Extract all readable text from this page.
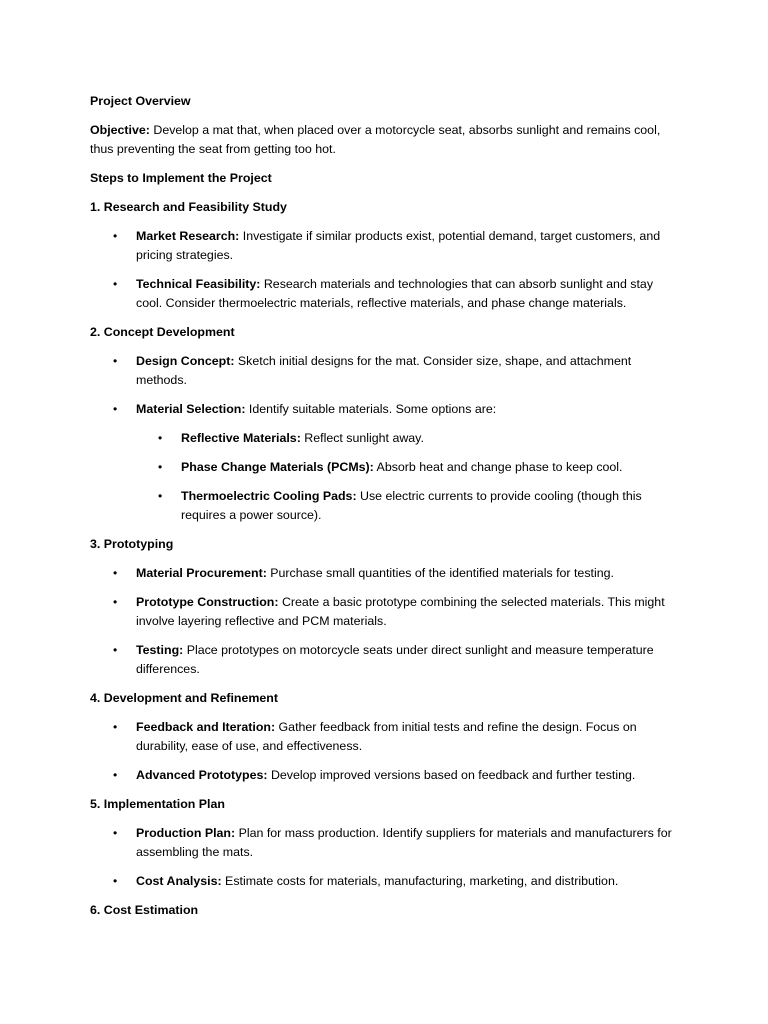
Project Overview

Objective: Develop a mat that, when placed over a motorcycle seat, absorbs sunlight and remains cool, thus preventing the seat from getting too hot.

Steps to Implement the Project

1. Research and Feasibility Study

• Market Research: Investigate if similar products exist, potential demand, target customers, and pricing strategies.
• Technical Feasibility: Research materials and technologies that can absorb sunlight and stay cool. Consider thermoelectric materials, reflective materials, and phase change materials.

2. Concept Development

• Design Concept: Sketch initial designs for the mat. Consider size, shape, and attachment methods.
• Material Selection: Identify suitable materials. Some options are:
• Reflective Materials: Reflect sunlight away.
• Phase Change Materials (PCMs): Absorb heat and change phase to keep cool.
• Thermoelectric Cooling Pads: Use electric currents to provide cooling (though this requires a power source).

3. Prototyping

• Material Procurement: Purchase small quantities of the identified materials for testing.
• Prototype Construction: Create a basic prototype combining the selected materials. This might involve layering reflective and PCM materials.
• Testing: Place prototypes on motorcycle seats under direct sunlight and measure temperature differences.

4. Development and Refinement

• Feedback and Iteration: Gather feedback from initial tests and refine the design. Focus on durability, ease of use, and effectiveness.
• Advanced Prototypes: Develop improved versions based on feedback and further testing.

5. Implementation Plan

• Production Plan: Plan for mass production. Identify suppliers for materials and manufacturers for assembling the mats.
• Cost Analysis: Estimate costs for materials, manufacturing, marketing, and distribution.

6. Cost Estimation
